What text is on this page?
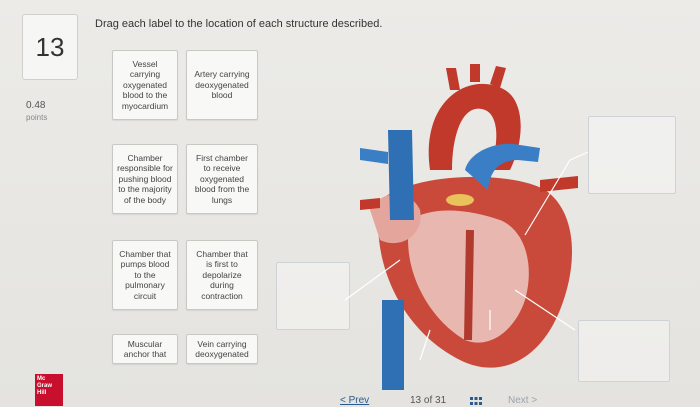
13
0.48
points
Drag each label to the location of each structure described.
Vessel
carrying
oxygenated
blood to the
myocardium
Artery carrying
deoxygenated
blood
Chamber
responsible for
pushing blood
to the majority
of the body
First chamber
to receive
oxygenated
blood from the
lungs
Chamber that
pumps blood
to the
pulmonary
circuit
Chamber that
is first to
depolarize
during
contraction
Muscular
anchor that
Vein carrying
deoxygenated
Mc
Graw
Hill
< Prev	13 of 31	Next >
